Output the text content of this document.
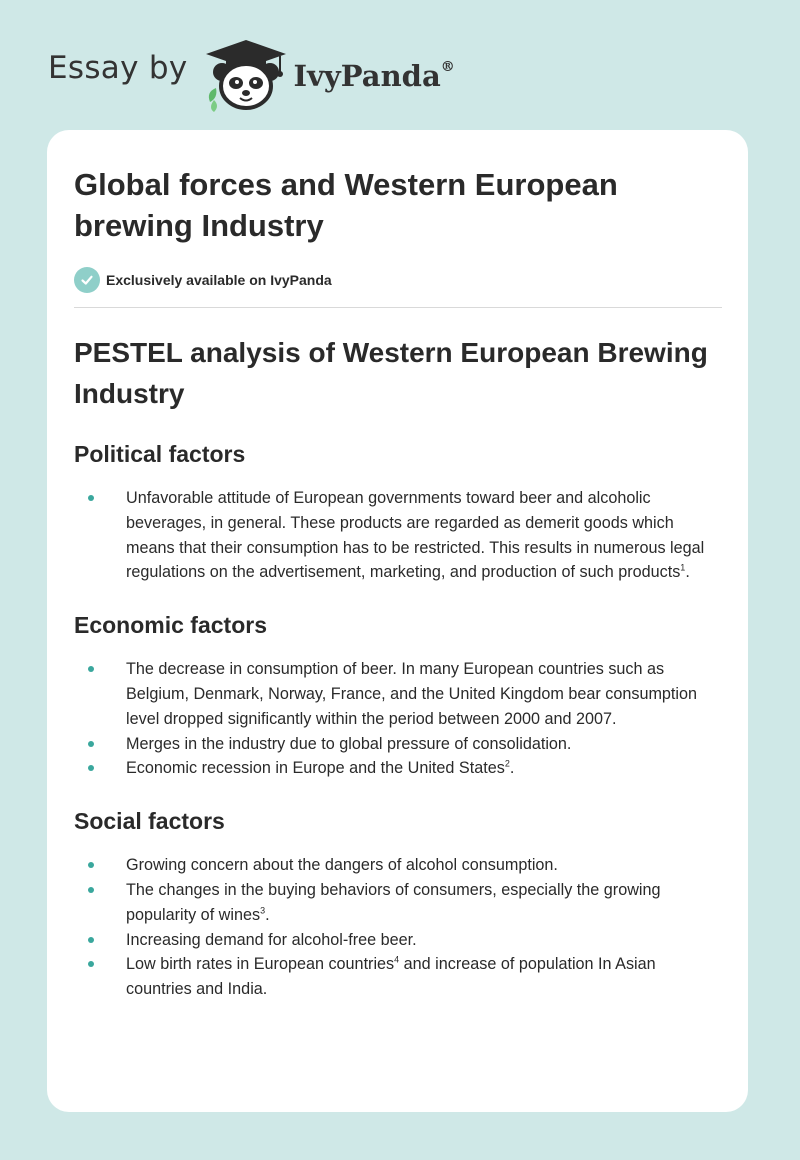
Essay by	IvyPanda®
Global forces and Western European brewing Industry
Exclusively available on IvyPanda
PESTEL analysis of Western European Brewing Industry
Political factors
Unfavorable attitude of European governments toward beer and alcoholic beverages, in general. These products are regarded as demerit goods which means that their consumption has to be restricted. This results in numerous legal regulations on the advertisement, marketing, and production of such products$^1$.
Economic factors
The decrease in consumption of beer. In many European countries such as Belgium, Denmark, Norway, France, and the United Kingdom bear consumption level dropped significantly within the period between 2000 and 2007.
Merges in the industry due to global pressure of consolidation.
Economic recession in Europe and the United States$^2$.
Social factors
Growing concern about the dangers of alcohol consumption.
The changes in the buying behaviors of consumers, especially the growing popularity of wines$^3$.
Increasing demand for alcohol-free beer.
Low birth rates in European countries$^4$ and increase of population In Asian countries and India.
